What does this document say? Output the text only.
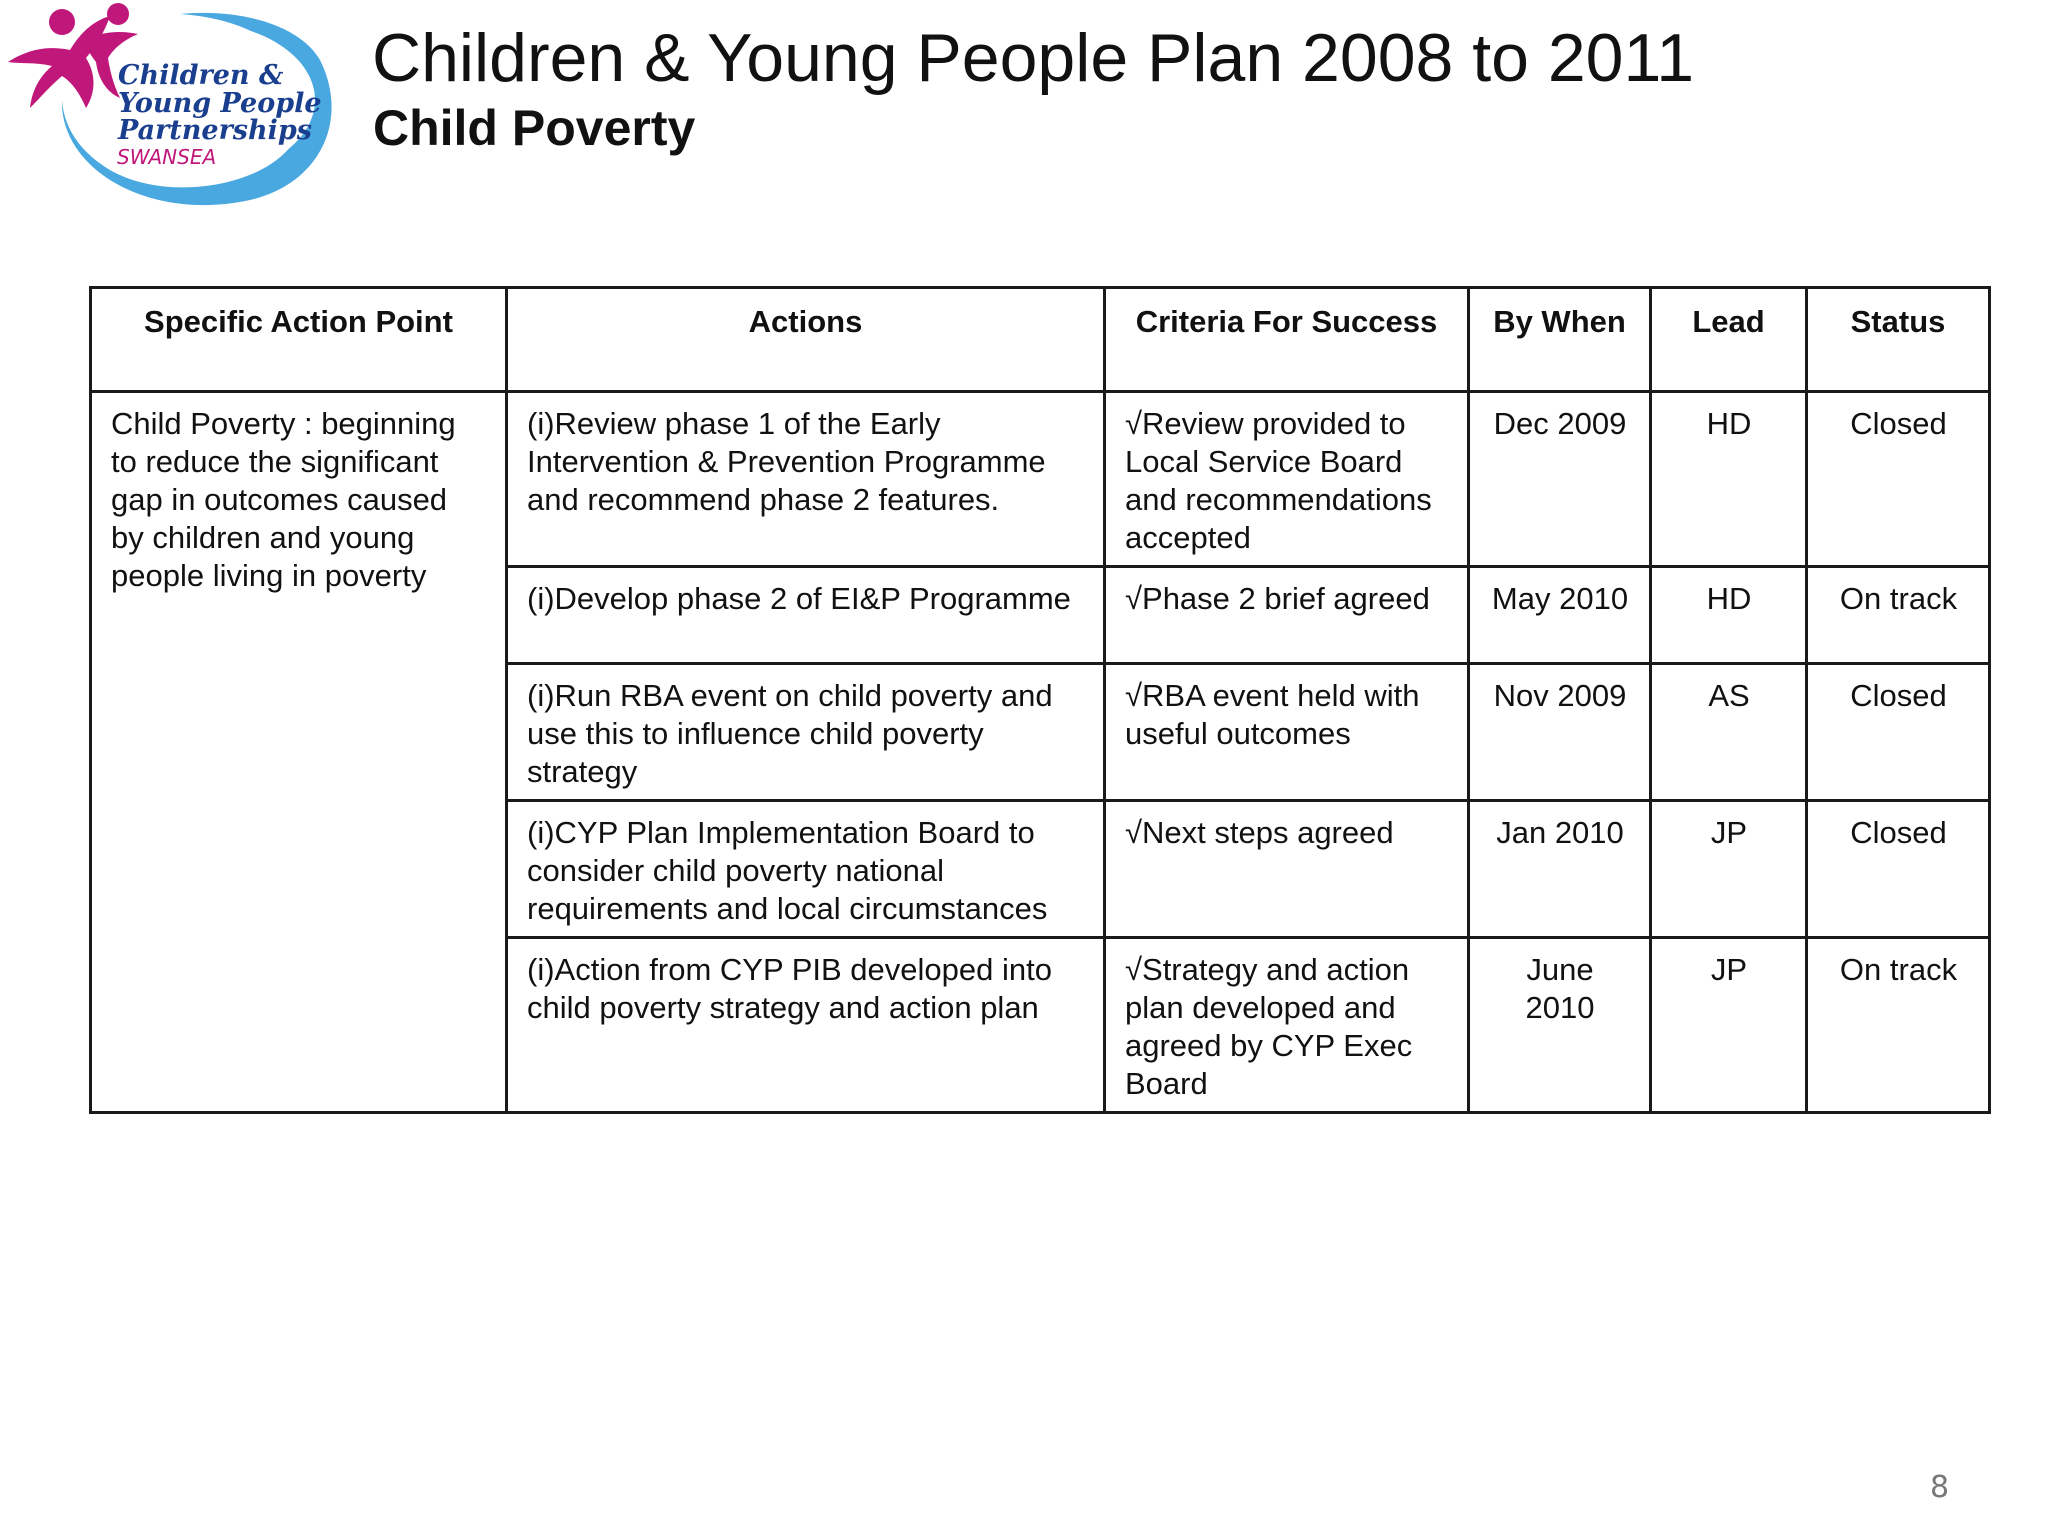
Children &
Young People
Partnerships
SWANSEA
Children & Young People Plan 2008 to 2011
Child Poverty
Specific Action Point	Actions	Criteria For Success	By When	Lead	Status
Child Poverty : beginning to reduce the significant gap in outcomes caused by children and young people living in poverty	(i)Review phase 1 of the Early Intervention & Prevention Programme and recommend phase 2 features.	√Review provided to Local Service Board and recommendations accepted	Dec 2009	HD	Closed
	(i)Develop phase 2 of EI&P Programme	√Phase 2 brief agreed	May 2010	HD	On track
	(i)Run RBA event on child poverty and use this to influence child poverty strategy	√RBA event held with useful outcomes	Nov 2009	AS	Closed
	(i)CYP Plan Implementation Board to consider child poverty national requirements and local circumstances	√Next steps agreed	Jan 2010	JP	Closed
	(i)Action from CYP PIB developed into child poverty strategy and action plan	√Strategy and action plan developed and agreed by CYP Exec Board	June 2010	JP	On track
8
